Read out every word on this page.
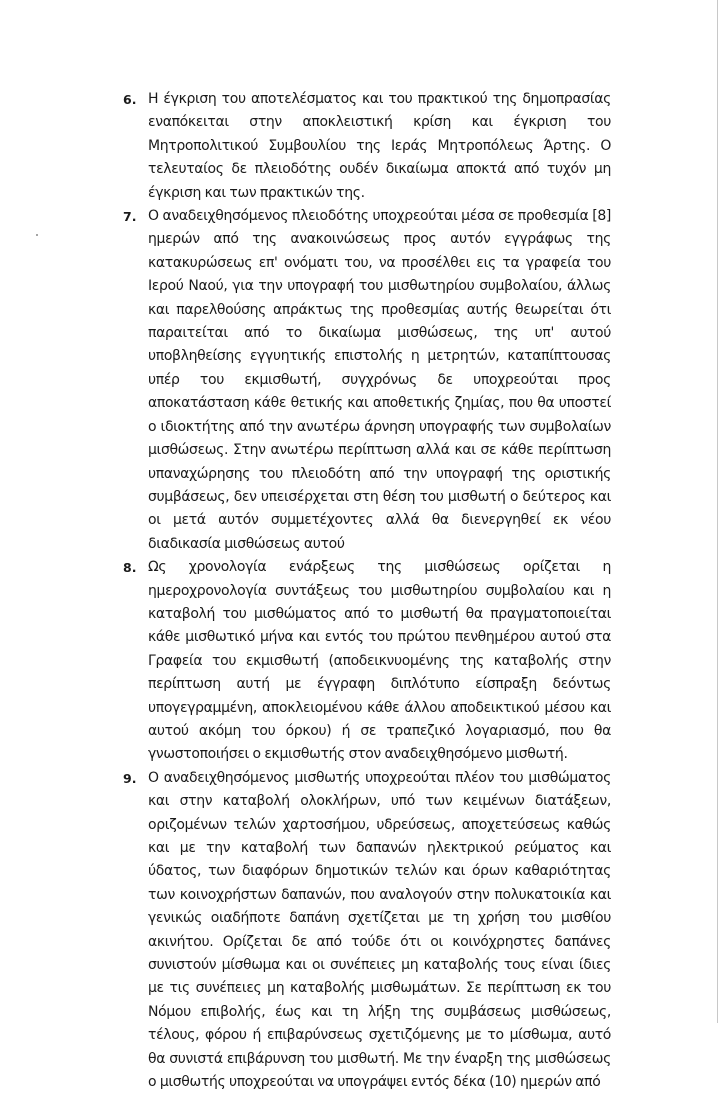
6. Η έγκριση του αποτελέσματος και του πρακτικού της δημοπρασίας εναπόκειται στην αποκλειστική κρίση και έγκριση του Μητροπολιτικού Συμβουλίου της Ιεράς Μητροπόλεως Άρτης. Ο τελευταίος δε πλειοδότης ουδέν δικαίωμα αποκτά από τυχόν μη έγκριση και των πρακτικών της.
7. Ο αναδειχθησόμενος πλειοδότης υποχρεούται μέσα σε προθεσμία [8] ημερών από της ανακοινώσεως προς αυτόν εγγράφως της κατακυρώσεως επ' ονόματι του, να προσέλθει εις τα γραφεία του Ιερού Ναού, για την υπογραφή του μισθωτηρίου συμβολαίου, άλλως και παρελθούσης απράκτως της προθεσμίας αυτής θεωρείται ότι παραιτείται από το δικαίωμα μισθώσεως, της υπ' αυτού υποβληθείσης εγγυητικής επιστολής η μετρητών, καταπίπτουσας υπέρ του εκμισθωτή, συγχρόνως δε υποχρεούται προς αποκατάσταση κάθε θετικής και αποθετικής ζημίας, που θα υποστεί ο ιδιοκτήτης από την ανωτέρω άρνηση υπογραφής των συμβολαίων μισθώσεως. Στην ανωτέρω περίπτωση αλλά και σε κάθε περίπτωση υπαναχώρησης του πλειοδότη από την υπογραφή της οριστικής συμβάσεως, δεν υπεισέρχεται στη θέση του μισθωτή ο δεύτερος και οι μετά αυτόν συμμετέχοντες αλλά θα διενεργηθεί εκ νέου διαδικασία μισθώσεως αυτού
8. Ως χρονολογία ενάρξεως της μισθώσεως ορίζεται η ημεροχρονολογία συντάξεως του μισθωτηρίου συμβολαίου και η καταβολή του μισθώματος από το μισθωτή θα πραγματοποιείται κάθε μισθωτικό μήνα και εντός του πρώτου πενθημέρου αυτού στα Γραφεία του εκμισθωτή (αποδεικνυομένης της καταβολής στην περίπτωση αυτή με έγγραφη διπλότυπο είσπραξη δεόντως υπογεγραμμένη, αποκλειομένου κάθε άλλου αποδεικτικού μέσου και αυτού ακόμη του όρκου) ή σε τραπεζικό λογαριασμό, που θα γνωστοποιήσει ο εκμισθωτής στον αναδειχθησόμενο μισθωτή.
9. Ο αναδειχθησόμενος μισθωτής υποχρεούται πλέον του μισθώματος και στην καταβολή ολοκλήρων, υπό των κειμένων διατάξεων, οριζομένων τελών χαρτοσήμου, υδρεύσεως, αποχετεύσεως καθώς και με την καταβολή των δαπανών ηλεκτρικού ρεύματος και ύδατος, των διαφόρων δημοτικών τελών και όρων καθαριότητας των κοινοχρήστων δαπανών, που αναλογούν στην πολυκατοικία και γενικώς οιαδήποτε δαπάνη σχετίζεται με τη χρήση του μισθίου ακινήτου. Ορίζεται δε από τούδε ότι οι κοινόχρηστες δαπάνες συνιστούν μίσθωμα και οι συνέπειες μη καταβολής τους είναι ίδιες με τις συνέπειες μη καταβολής μισθωμάτων. Σε περίπτωση εκ του Νόμου επιβολής, έως και τη λήξη της συμβάσεως μισθώσεως, τέλους, φόρου ή επιβαρύνσεως σχετιζόμενης με το μίσθωμα, αυτό θα συνιστά επιβάρυνση του μισθωτή. Με την έναρξη της μισθώσεως ο μισθωτής υποχρεούται να υπογράψει εντός δέκα (10) ημερών από
